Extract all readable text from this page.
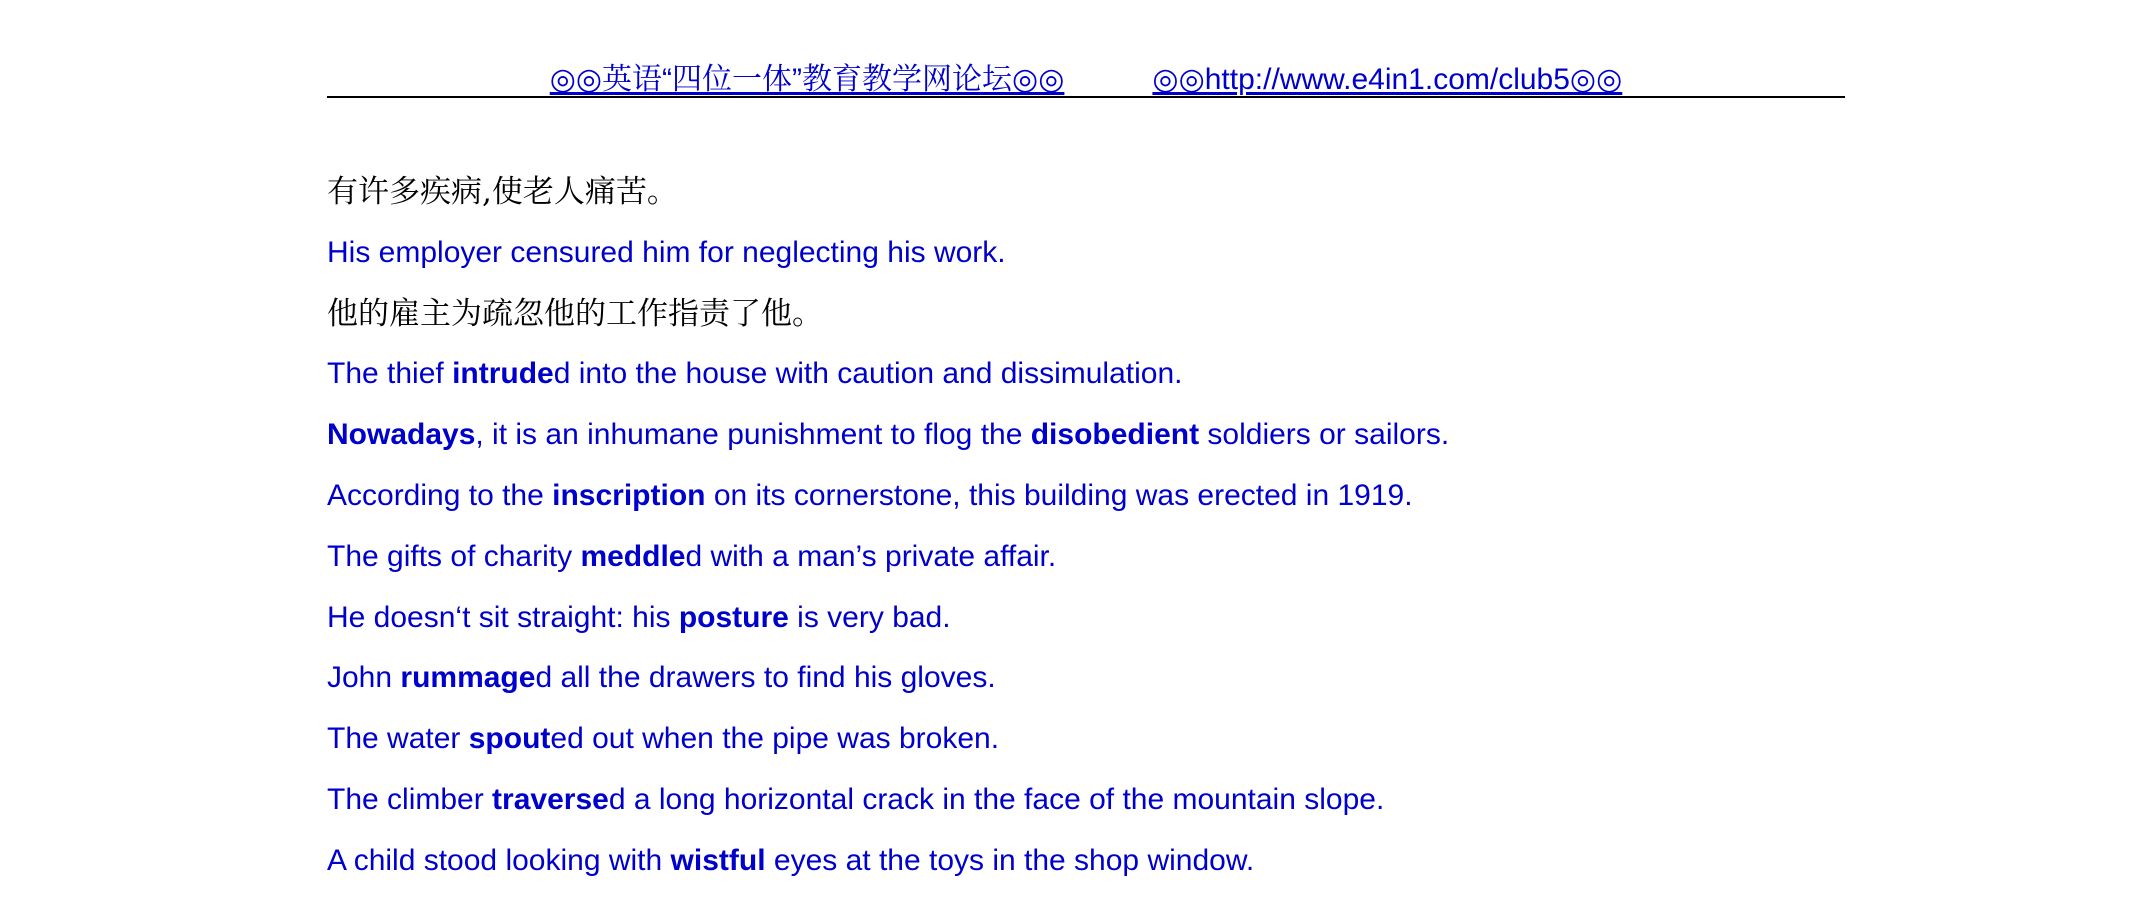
◎◎英语“四位一体”教育教学网论坛◎◎	◎◎http://www.e4in1.com/club5◎◎
有许多疾病,使老人痛苦。
His employer censured him for neglecting his work.
他的雇主为疏忽他的工作指责了他。
The thief intruded into the house with caution and dissimulation.
Nowadays, it is an inhumane punishment to flog the disobedient soldiers or sailors.
According to the inscription on its cornerstone, this building was erected in 1919.
The gifts of charity meddled with a man’s private affair.
He doesn‘t sit straight: his posture is very bad.
John rummaged all the drawers to find his gloves.
The water spouted out when the pipe was broken.
The climber traversed a long horizontal crack in the face of the mountain slope.
A child stood looking with wistful eyes at the toys in the shop window.
